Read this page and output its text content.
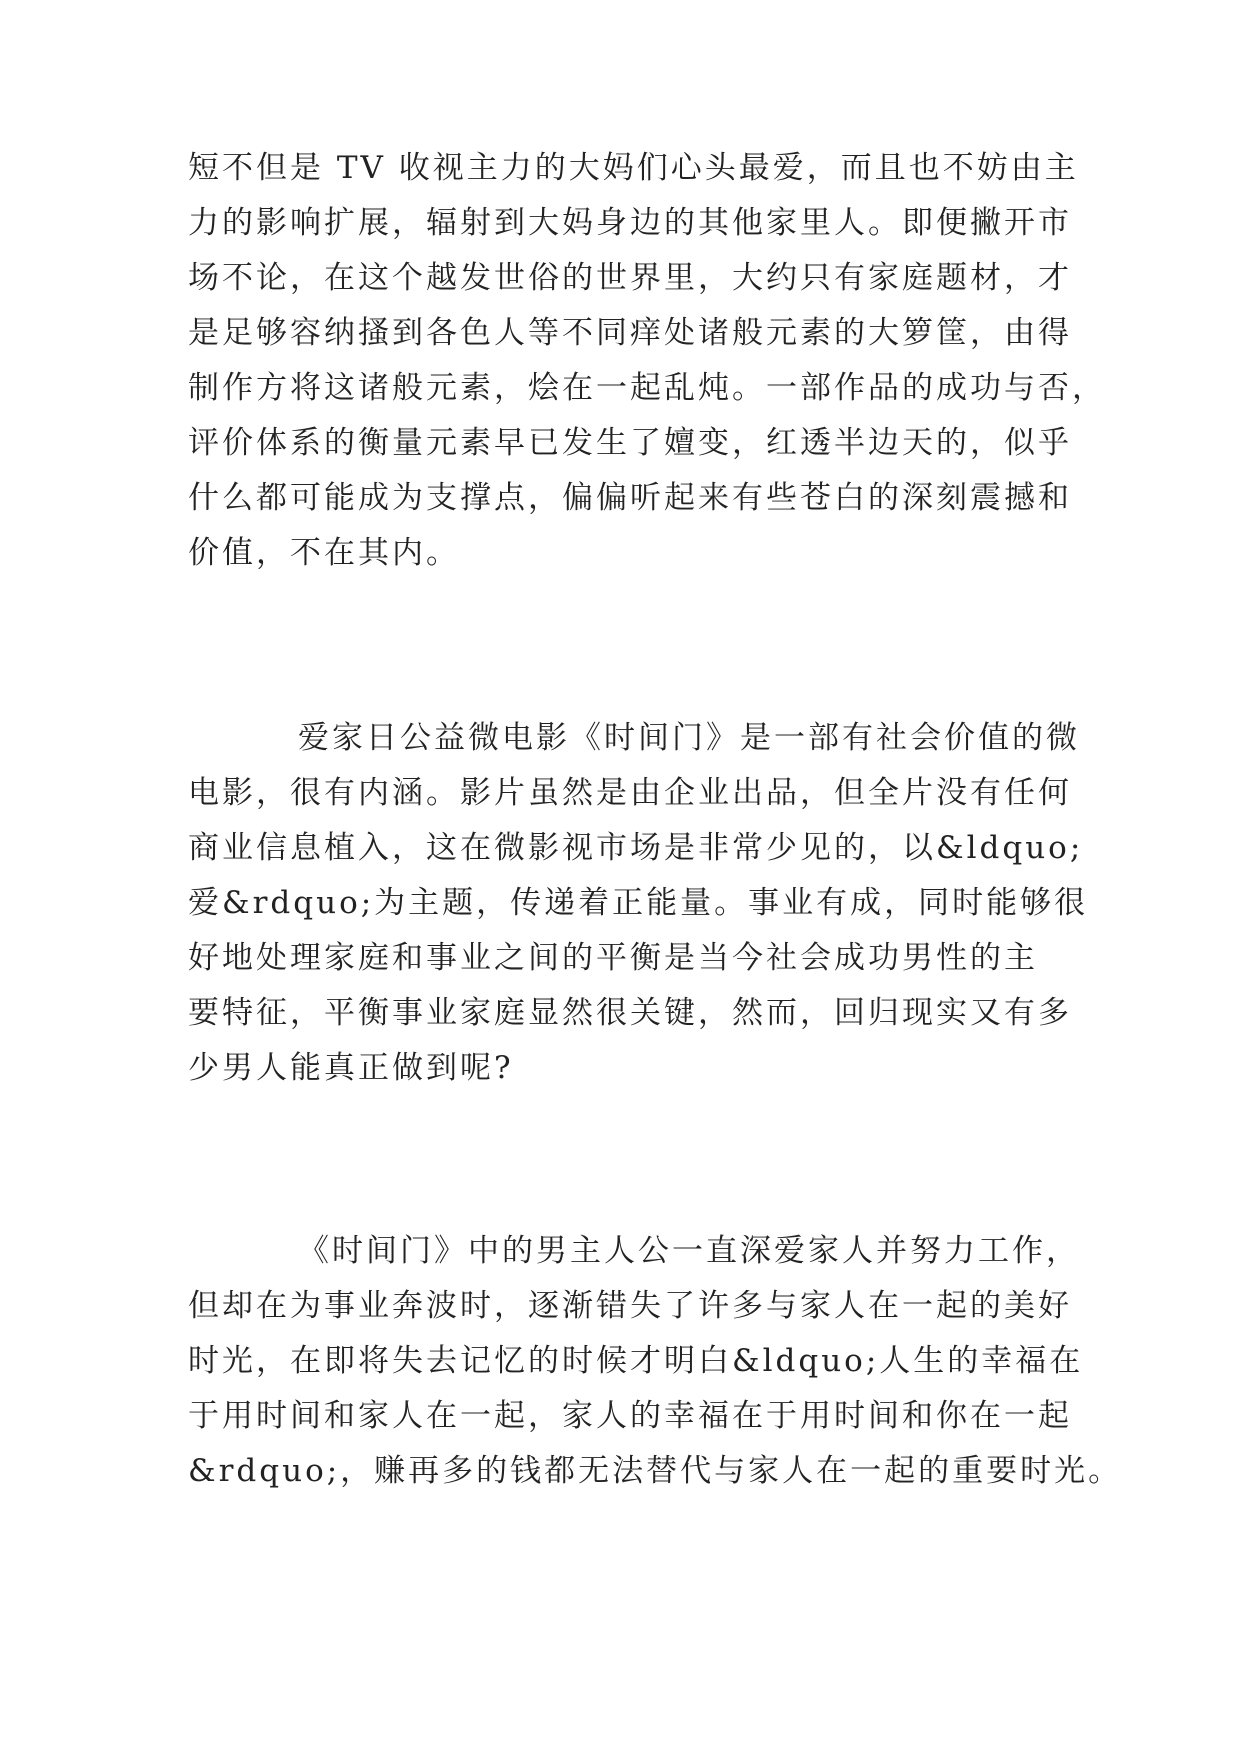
短不但是 TV 收视主力的大妈们心头最爱，而且也不妨由主

力的影响扩展，辐射到大妈身边的其他家里人。即便撇开市

场不论，在这个越发世俗的世界里，大约只有家庭题材，才

是足够容纳搔到各色人等不同痒处诸般元素的大箩筐，由得

制作方将这诸般元素，烩在一起乱炖。一部作品的成功与否，

评价体系的衡量元素早已发生了嬗变，红透半边天的，似乎

什么都可能成为支撑点，偏偏听起来有些苍白的深刻震撼和

价值，不在其内。

爱家日公益微电影《时间门》是一部有社会价值的微

电影，很有内涵。影片虽然是由企业出品，但全片没有任何

商业信息植入，这在微影视市场是非常少见的，以&ldquo;

爱&rdquo;为主题，传递着正能量。事业有成，同时能够很

好地处理家庭和事业之间的平衡是当今社会成功男性的主

要特征，平衡事业家庭显然很关键，然而，回归现实又有多

少男人能真正做到呢?

《时间门》中的男主人公一直深爱家人并努力工作，

但却在为事业奔波时，逐渐错失了许多与家人在一起的美好

时光，在即将失去记忆的时候才明白&ldquo;人生的幸福在

于用时间和家人在一起，家人的幸福在于用时间和你在一起

&rdquo;，赚再多的钱都无法替代与家人在一起的重要时光。
